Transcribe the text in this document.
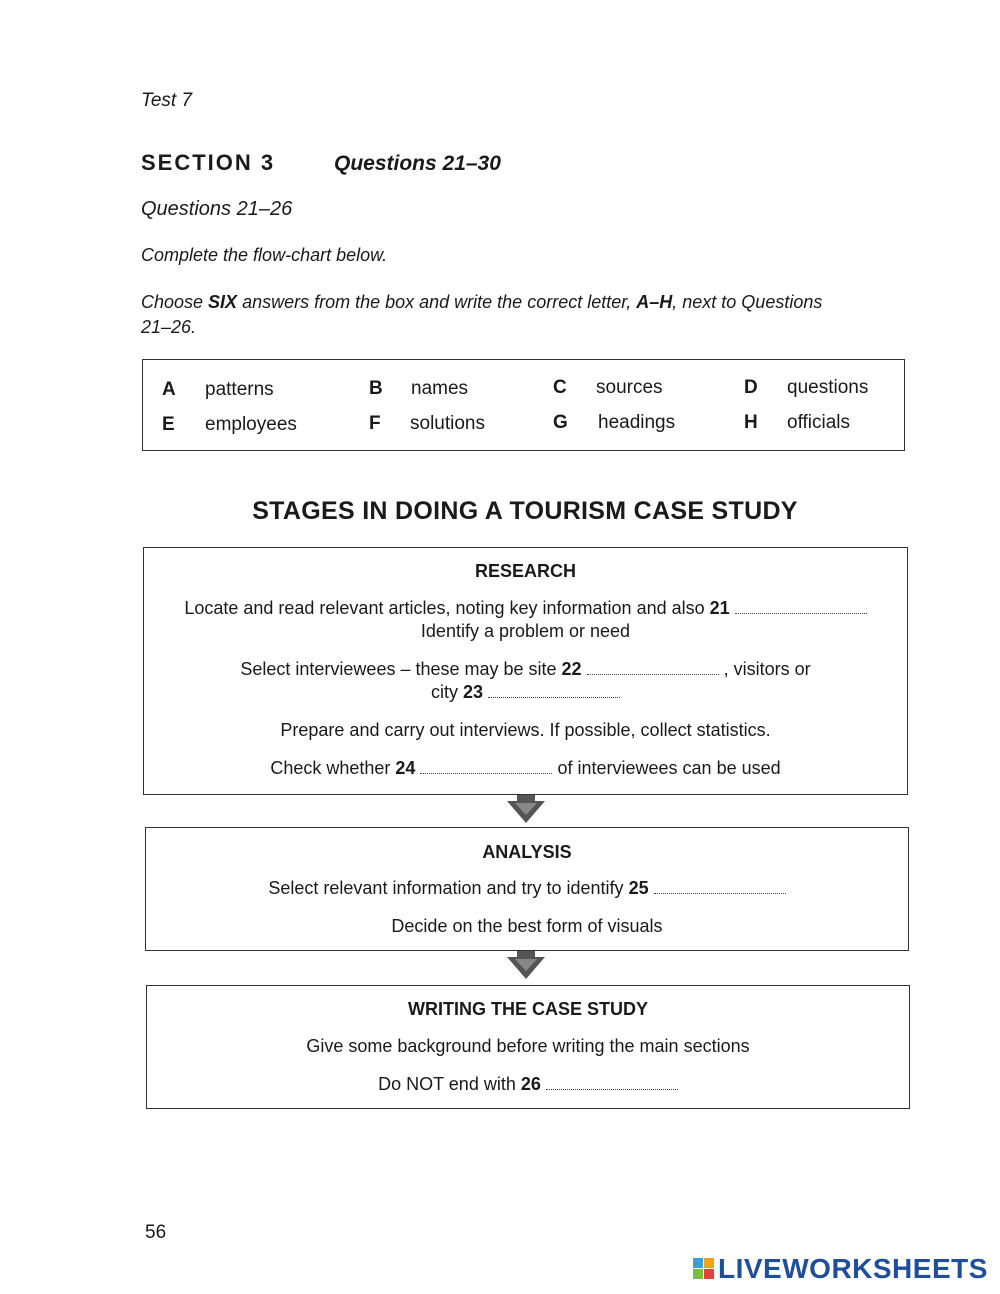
Test 7
SECTION 3	Questions 21–30
Questions 21–26
Complete the flow-chart below.
Choose SIX answers from the box and write the correct letter, A–H, next to Questions 21–26.
A	patterns	B	names	C	sources	D	questions
E	employees	F	solutions	G	headings	H	officials
STAGES IN DOING A TOURISM CASE STUDY
RESEARCH
Locate and read relevant articles, noting key information and also 21
Identify a problem or need
Select interviewees – these may be site 22	, visitors or
city 23
Prepare and carry out interviews. If possible, collect statistics.
Check whether 24	of interviewees can be used
ANALYSIS
Select relevant information and try to identify 25
Decide on the best form of visuals
WRITING THE CASE STUDY
Give some background before writing the main sections
Do NOT end with 26
56
LIVEWORKSHEETS
